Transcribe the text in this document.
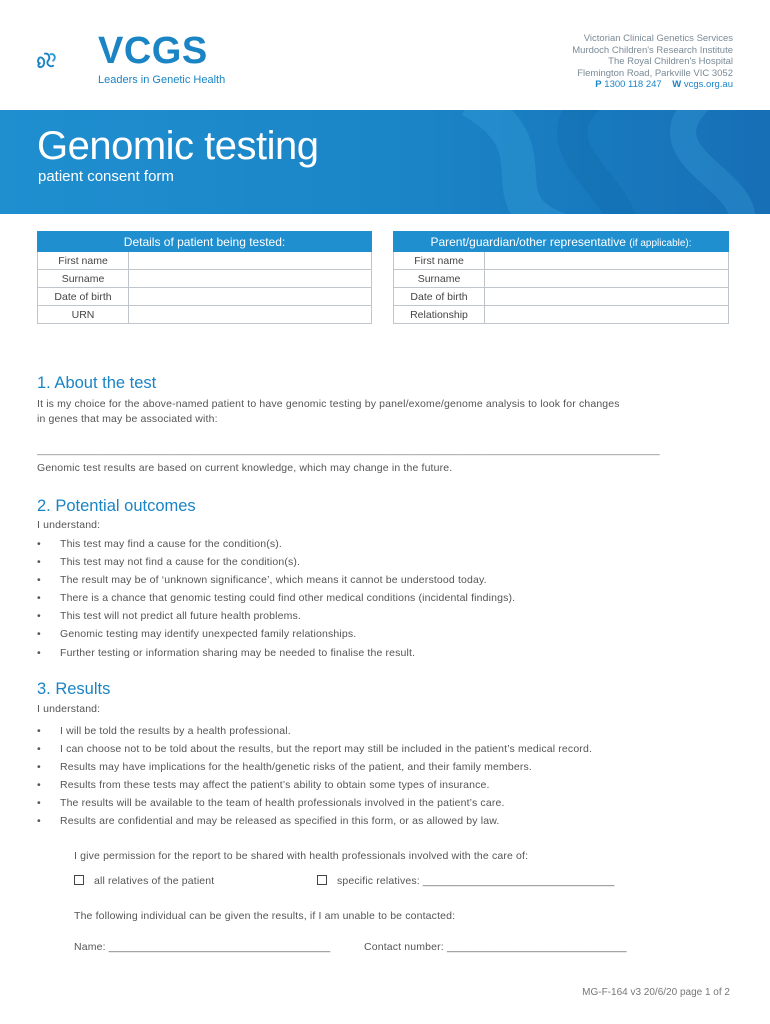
VCGS
Leaders in Genetic Health
Victorian Clinical Genetics Services
Murdoch Children's Research Institute
The Royal Children's Hospital
Flemington Road, Parkville VIC 3052
P 1300 118 247 W vcgs.org.au
Genomic testing
patient consent form
Details of patient being tested:	
First name	
Surname	
Date of birth	
URN	
Parent/guardian/other representative (if applicable):	
First name	
Surname	
Date of birth	
Relationship	
1. About the test
It is my choice for the above-named patient to have genomic testing by panel/exome/genome analysis to look for changes
in genes that may be associated with:
________________________________________________________________________________________________________
Genomic test results are based on current knowledge, which may change in the future.
2. Potential outcomes
I understand:
• This test may find a cause for the condition(s).
• This test may not find a cause for the condition(s).
• The result may be of ‘unknown significance’, which means it cannot be understood today.
• There is a chance that genomic testing could find other medical conditions (incidental findings).
• This test will not predict all future health problems.
• Genomic testing may identify unexpected family relationships.
• Further testing or information sharing may be needed to finalise the result.
3. Results
I understand:
• I will be told the results by a health professional.
• I can choose not to be told about the results, but the report may still be included in the patient’s medical record.
• Results may have implications for the health/genetic risks of the patient, and their family members.
• Results from these tests may affect the patient’s ability to obtain some types of insurance.
• The results will be available to the team of health professionals involved in the patient’s care.
• Results are confidential and may be released as specified in this form, or as allowed by law.
I give permission for the report to be shared with health professionals involved with the care of:
all relatives of the patient	specific relatives: ________________________________
The following individual can be given the results, if I am unable to be contacted:
Name: _____________________________________	Contact number: ______________________________
MG-F-164 v3 20/6/20 page 1 of 2
